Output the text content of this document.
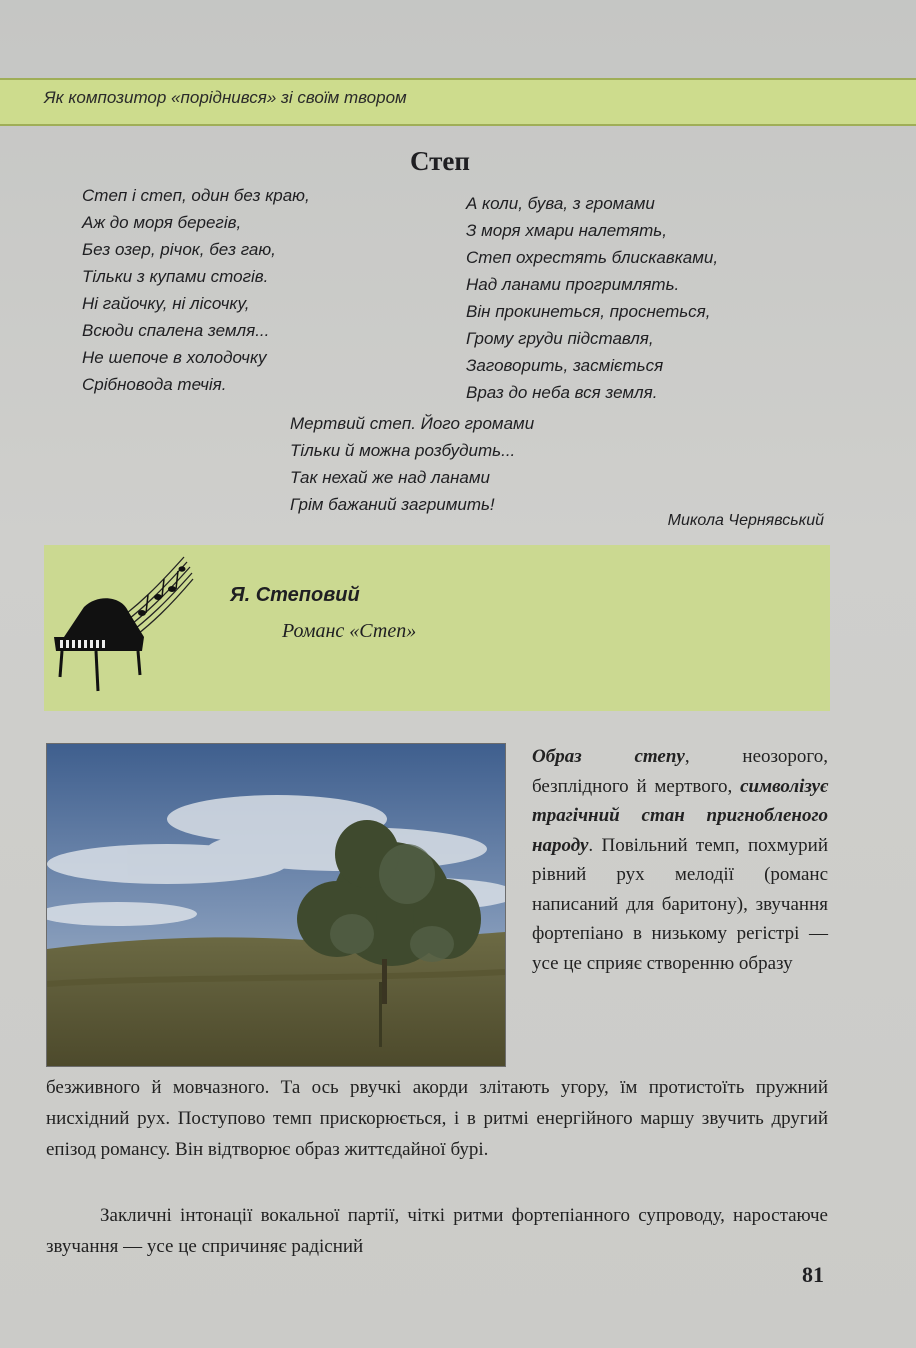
Як композитор «поріднився» зі своїм твором
Степ
Степ і степ, один без краю,
Аж до моря берегів,
Без озер, річок, без гаю,
Тільки з купами стогів.
Ні гайочку, ні лісочку,
Всюди спалена земля...
Не шепоче в холодочку
Срібновода течія.
А коли, бува, з громами
З моря хмари налетять,
Степ охрестять блискавками,
Над ланами прогримлять.
Він прокинеться, проснеться,
Грому груди підставля,
Заговорить, засміється
Враз до неба вся земля.
Мертвий степ. Його громами
Тільки й можна розбудить...
Так нехай же над ланами
Грім бажаний загримить!
Микола Чернявський
Я. Степовий
Романс «Степ»
Образ степу, неозорого, безплідного й мертвого, символізує трагічний стан пригнобленого народу. Повільний темп, похмурий рівний рух мелодії (романс написаний для баритону), звучання фортепіано в низькому регістрі — усе це сприяє створенню образу
безживного й мовчазного. Та ось рвучкі акорди злітають угору, їм протистоїть пружний нисхідний рух. Поступово темп прискорюється, і в ритмі енергійного маршу звучить другий епізод романсу. Він відтворює образ життєдайної бурі.
Закличні інтонації вокальної партії, чіткі ритми фортепіанного супроводу, наростаюче звучання — усе це спричиняє радісний
81
